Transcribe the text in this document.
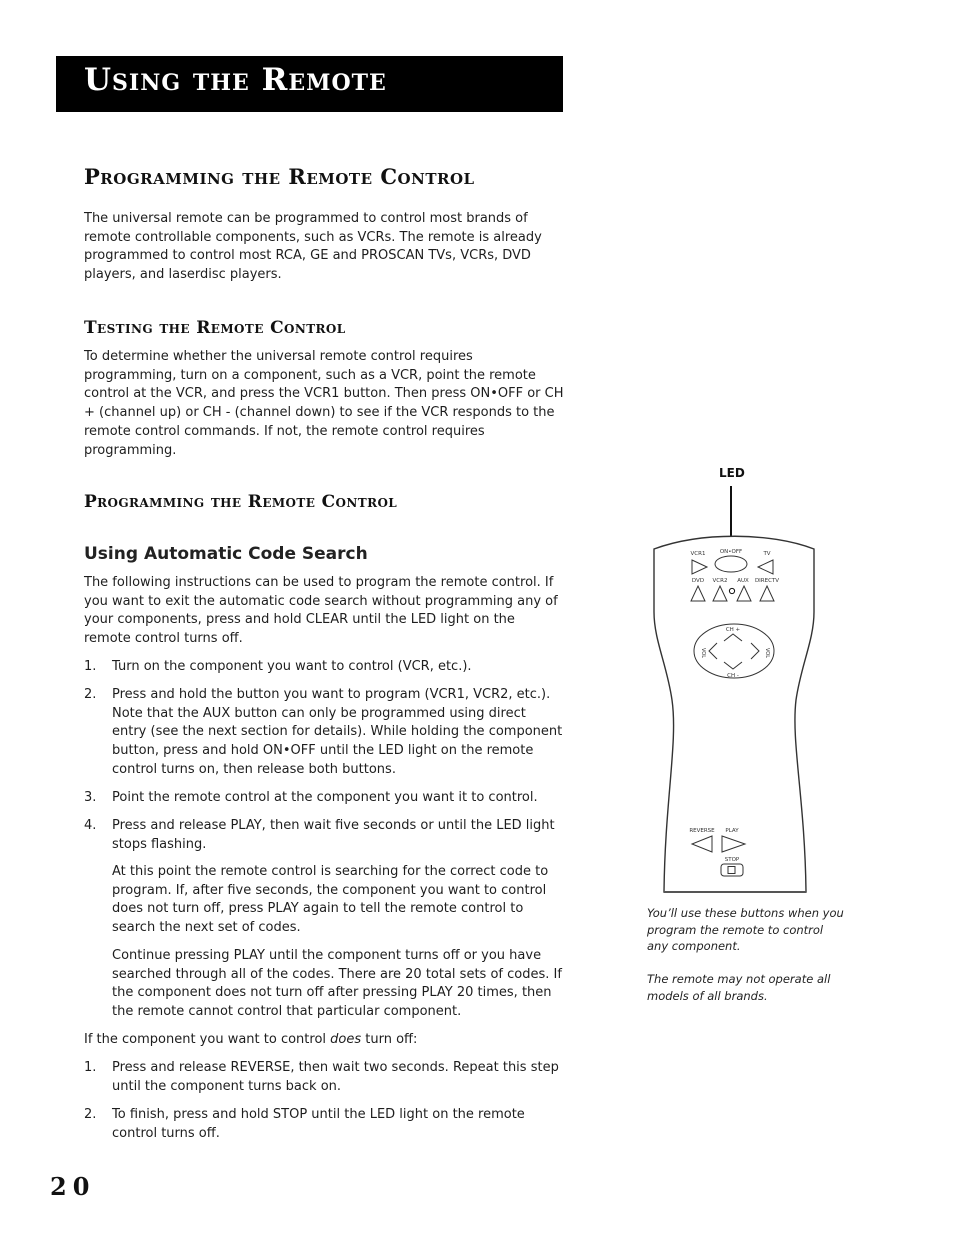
Using the Remote
Programming the Remote Control

The universal remote can be programmed to control most brands of remote controllable components, such as VCRs. The remote is already programmed to control most RCA, GE and PROSCAN TVs, VCRs, DVD players, and laserdisc players.

Testing the Remote Control

To determine whether the universal remote control requires programming, turn on a component, such as a VCR, point the remote control at the VCR, and press the VCR1 button. Then press ON•OFF or CH + (channel up) or CH - (channel down) to see if the VCR responds to the remote control commands. If not, the remote control requires programming.

Programming the Remote Control
Using Automatic Code Search

The following instructions can be used to program the remote control. If you want to exit the automatic code search without programming any of your components, press and hold CLEAR until the LED light on the remote control turns off.

1. Turn on the component you want to control (VCR, etc.).
2. Press and hold the button you want to program (VCR1, VCR2, etc.). Note that the AUX button can only be programmed using direct entry (see the next section for details). While holding the component button, press and hold ON•OFF until the LED light on the remote control turns on, then release both buttons.
3. Point the remote control at the component you want it to control.
4. Press and release PLAY, then wait five seconds or until the LED light stops flashing.
At this point the remote control is searching for the correct code to program. If, after five seconds, the component you want to control does not turn off, press PLAY again to tell the remote control to search the next set of codes.
Continue pressing PLAY until the component turns off or you have searched through all of the codes. There are 20 total sets of codes. If the component does not turn off after pressing PLAY 20 times, then the remote cannot control that particular component.
If the component you want to control does turn off:
1. Press and release REVERSE, then wait two seconds. Repeat this step until the component turns back on.
2. To finish, press and hold STOP until the LED light on the remote control turns off.
20
LED
VCR1	ON•OFF	TV
DVD VCR2 AUX DIRECTV
CH +
CH -
VOL	VOL
REVERSE PLAY
STOP
You’ll use these buttons when you program the remote to control any component.
The remote may not operate all models of all brands.
